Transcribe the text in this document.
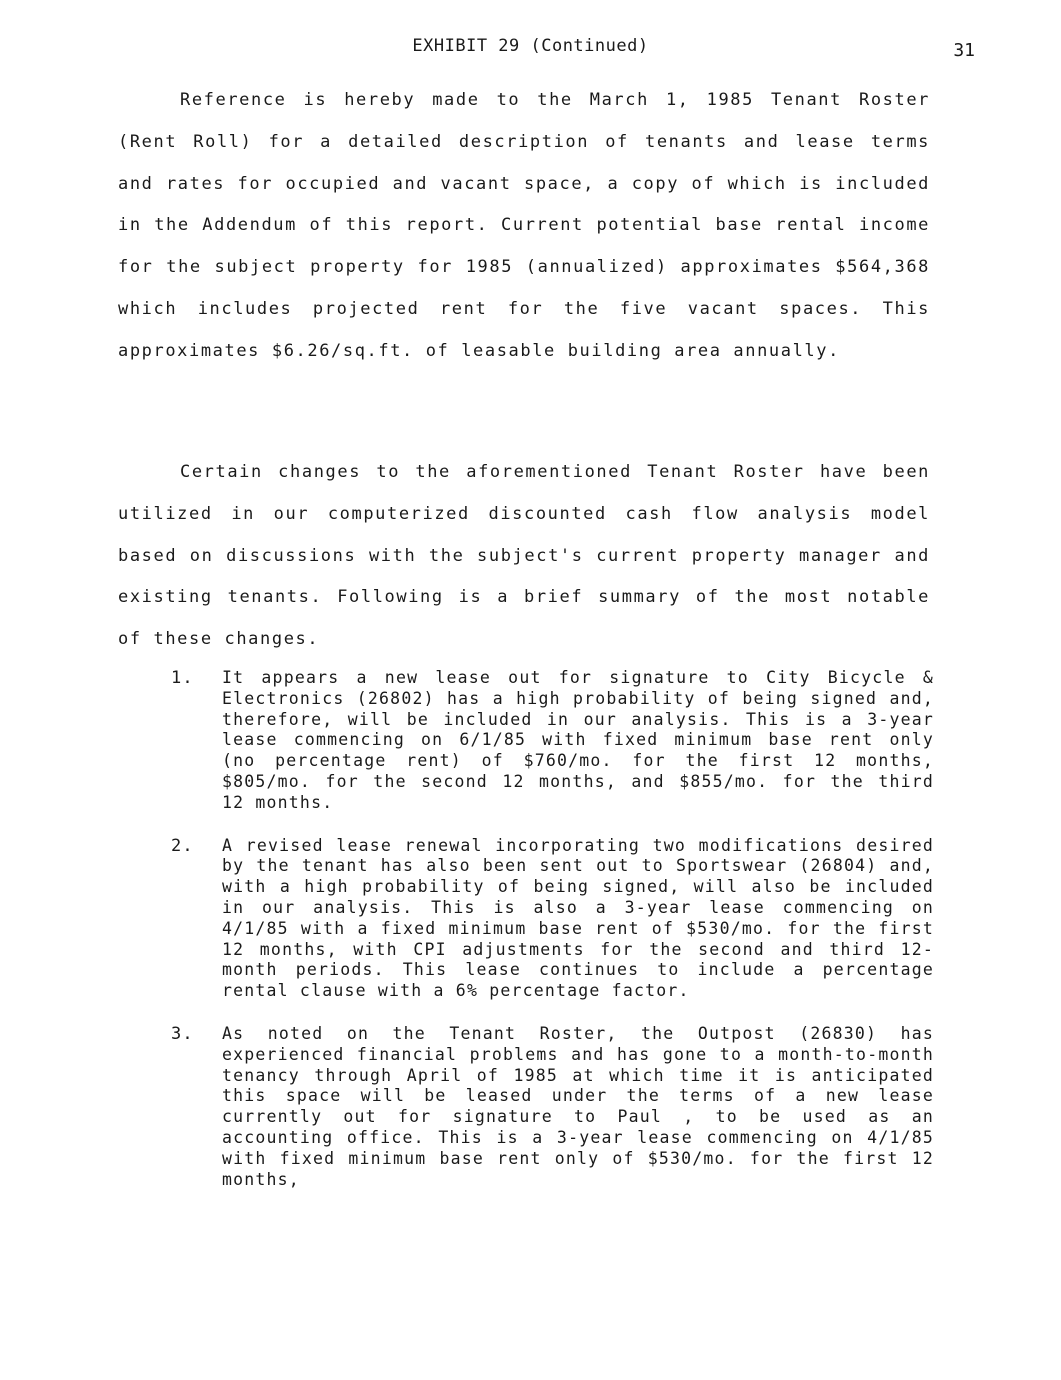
EXHIBIT 29 (Continued)	31

Reference is hereby made to the March 1, 1985 Tenant Roster (Rent Roll) for a detailed description of tenants and lease terms and rates for occupied and vacant space, a copy of which is included in the Addendum of this report. Current potential base rental income for the subject property for 1985 (annualized) approximates $564,368 which includes projected rent for the five vacant spaces. This approximates $6.26/sq.ft. of leasable building area annually.

Certain changes to the aforementioned Tenant Roster have been utilized in our computerized discounted cash flow analysis model based on discussions with the subject's current property manager and existing tenants. Following is a brief summary of the most notable of these changes.

1. It appears a new lease out for signature to City Bicycle & Electronics (26802) has a high probability of being signed and, therefore, will be included in our analysis. This is a 3-year lease commencing on 6/1/85 with fixed minimum base rent only (no percentage rent) of $760/mo. for the first 12 months, $805/mo. for the second 12 months, and $855/mo. for the third 12 months.

2. A revised lease renewal incorporating two modifications desired by the tenant has also been sent out to Sportswear (26804) and, with a high probability of being signed, will also be included in our analysis. This is also a 3-year lease commencing on 4/1/85 with a fixed minimum base rent of $530/mo. for the first 12 months, with CPI adjustments for the second and third 12-month periods. This lease continues to include a percentage rental clause with a 6% percentage factor.

3. As noted on the Tenant Roster, the Outpost (26830) has experienced financial problems and has gone to a month-to-month tenancy through April of 1985 at which time it is anticipated this space will be leased under the terms of a new lease currently out for signature to Paul , to be used as an accounting office. This is a 3-year lease commencing on 4/1/85 with fixed minimum base rent only of $530/mo. for the first 12 months,
